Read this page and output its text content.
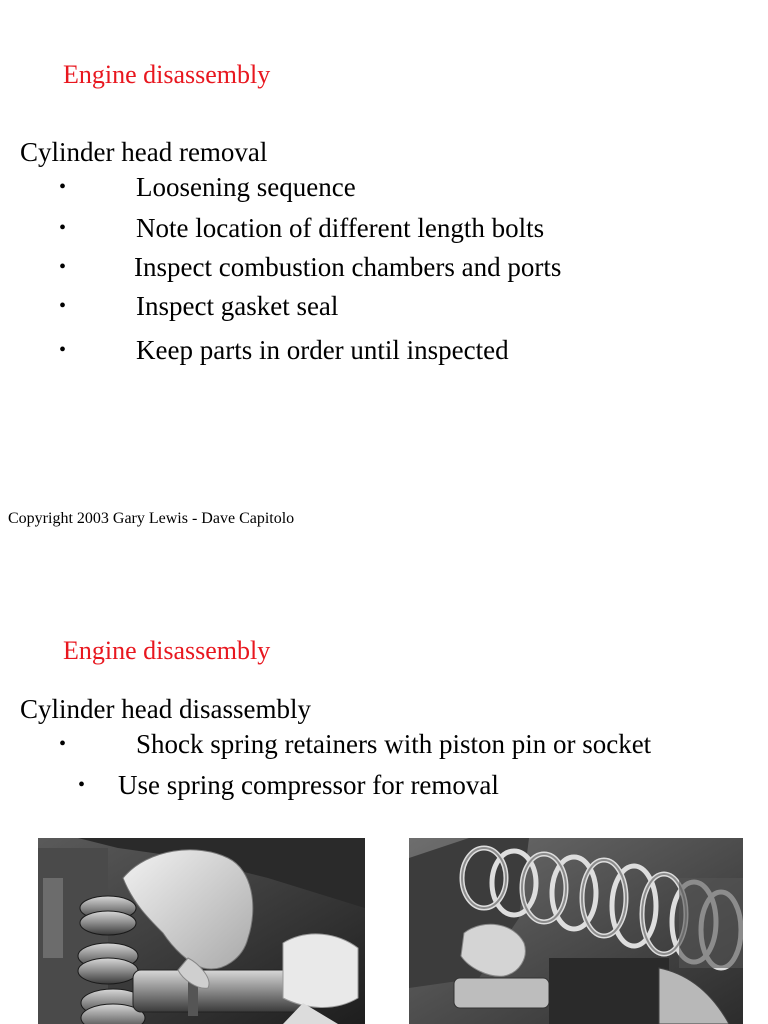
Engine disassembly
Cylinder head removal
•	Loosening sequence
•	Note location of different length bolts
•	Inspect combustion chambers and ports
•	Inspect gasket seal
•	Keep parts in order until inspected
Copyright 2003 Gary Lewis - Dave Capitolo
Engine disassembly
Cylinder head disassembly
•	Shock spring retainers with piston pin or socket
• Use spring compressor for removal
